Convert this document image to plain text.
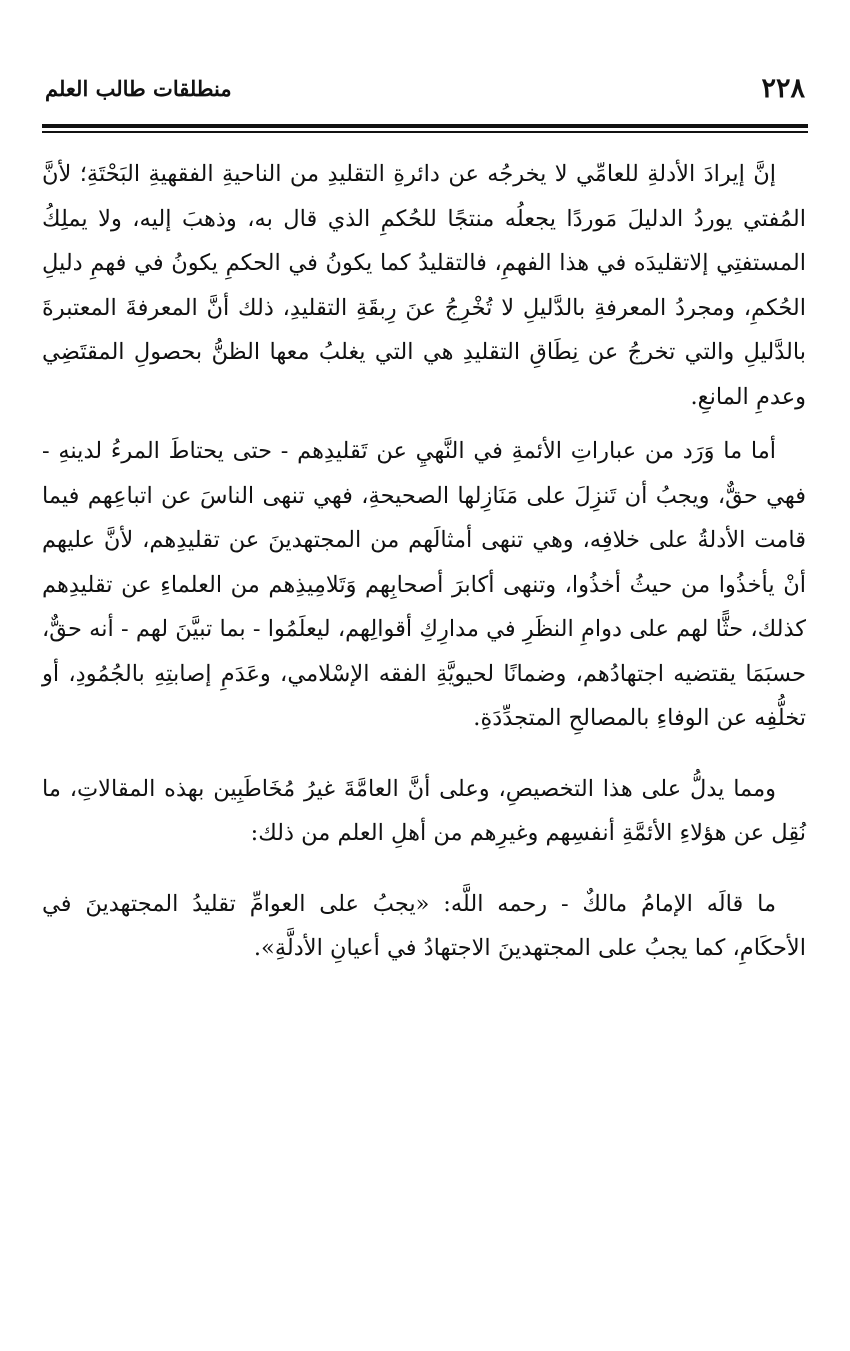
٢٢٨
منطلقات طالب العلم

إنَّ إيرادَ الأدلةِ للعامِّي لا يخرجُه عن دائرةِ التقليدِ من الناحيةِ الفقهيةِ البَحْتَةِ؛ لأنَّ المُفتي يوردُ الدليلَ مَوردًا يجعلُه منتجًا للحُكمِ الذي قال به، وذهبَ إليه، ولا يملِكُ المستفتِي إلاتقليدَه في هذا الفهمِ، فالتقليدُ كما يكونُ في الحكمِ يكونُ في فهمِ دليلِ الحُكمِ، ومجردُ المعرفةِ بالدَّليلِ لا تُخْرِجُ عنَ رِبقَةِ التقليدِ، ذلك أنَّ المعرفةَ المعتبرةَ بالدَّليلِ والتي تخرجُ عن نِطَاقِ التقليدِ هي التي يغلبُ معها الظنُّ بحصولِ المقتَضِي وعدمِ المانعِ.

أما ما وَرَد من عباراتِ الأئمةِ في النَّهيِ عن تَقليدِهم - حتى يحتاطَ المرءُ لدينهِ - فهي حقٌّ، ويجبُ أن تَنزِلَ على مَنَازِلها الصحيحةِ، فهي تنهى الناسَ عن اتباعِهم فيما قامت الأدلةُ على خلافِه، وهي تنهى أمثالَهم من المجتهدينَ عن تقليدِهم، لأنَّ عليهم أنْ يأخذُوا من حيثُ أخذُوا، وتنهى أكابرَ أصحابِهم وَتَلامِيذِهم من العلماءِ عن تقليدِهم كذلك، حثًّا لهم على دوامِ النظَرِ في مدارِكِ أقوالِهم، ليعلَمُوا - بما تبيَّنَ لهم - أنه حقٌّ، حسبَمَا يقتضيه اجتهادُهم، وضمانًا لحيويَّةِ الفقه الإسْلامي، وعَدَمِ إصابتِهِ بالجُمُودِ، أو تخلُّفِه عن الوفاءِ بالمصالحِ المتجدِّدَةِ.

ومما يدلُّ على هذا التخصيصِ، وعلى أنَّ العامَّةَ غيرُ مُخَاطَبِين بهذه المقالاتِ، ما نُقِل عن هؤلاءِ الأئمَّةِ أنفسِهم وغيرِهم من أهلِ العلم من ذلك:

ما قالَه الإمامُ مالكٌ - رحمه اللَّه: «يجبُ على العوامِّ تقليدُ المجتهدينَ في الأحكَامِ، كما يجبُ على المجتهدينَ الاجتهادُ في أعيانِ الأدلَّةِ».
